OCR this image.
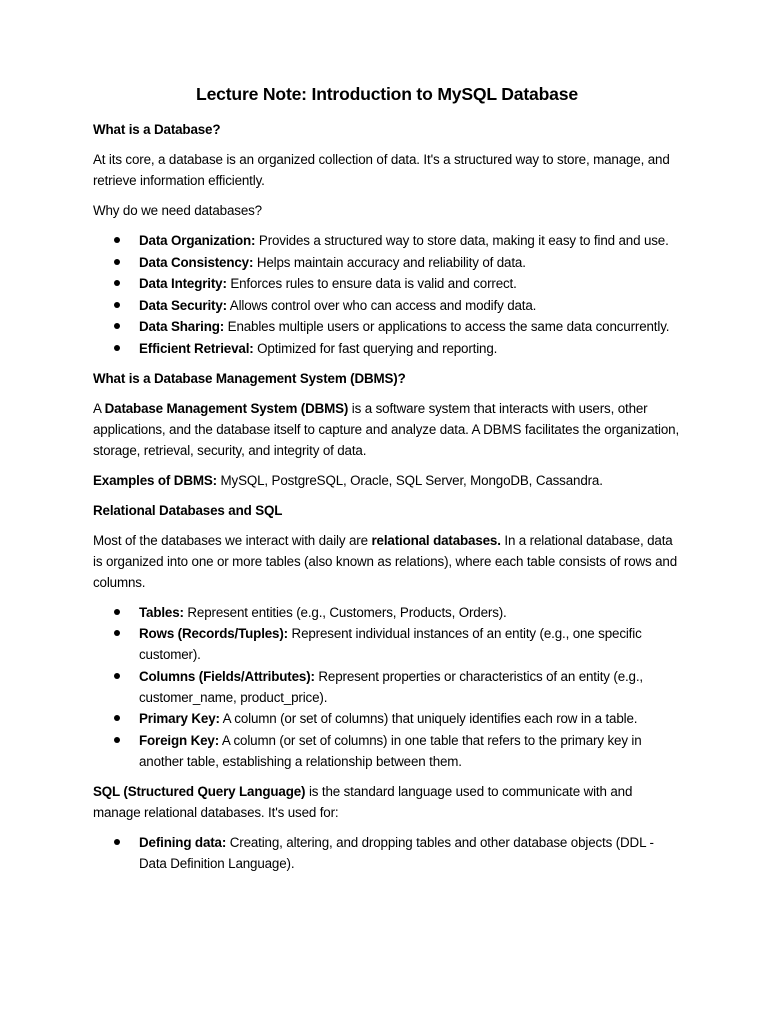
Lecture Note: Introduction to MySQL Database

What is a Database?

At its core, a database is an organized collection of data. It's a structured way to store, manage, and retrieve information efficiently.

Why do we need databases?

Data Organization: Provides a structured way to store data, making it easy to find and use.
Data Consistency: Helps maintain accuracy and reliability of data.
Data Integrity: Enforces rules to ensure data is valid and correct.
Data Security: Allows control over who can access and modify data.
Data Sharing: Enables multiple users or applications to access the same data concurrently.
Efficient Retrieval: Optimized for fast querying and reporting.

What is a Database Management System (DBMS)?

A Database Management System (DBMS) is a software system that interacts with users, other applications, and the database itself to capture and analyze data. A DBMS facilitates the organization, storage, retrieval, security, and integrity of data.

Examples of DBMS: MySQL, PostgreSQL, Oracle, SQL Server, MongoDB, Cassandra.

Relational Databases and SQL

Most of the databases we interact with daily are relational databases. In a relational database, data is organized into one or more tables (also known as relations), where each table consists of rows and columns.

Tables: Represent entities (e.g., Customers, Products, Orders).
Rows (Records/Tuples): Represent individual instances of an entity (e.g., one specific customer).
Columns (Fields/Attributes): Represent properties or characteristics of an entity (e.g., customer_name, product_price).
Primary Key: A column (or set of columns) that uniquely identifies each row in a table.
Foreign Key: A column (or set of columns) in one table that refers to the primary key in another table, establishing a relationship between them.

SQL (Structured Query Language) is the standard language used to communicate with and manage relational databases. It's used for:

Defining data: Creating, altering, and dropping tables and other database objects (DDL - Data Definition Language).
